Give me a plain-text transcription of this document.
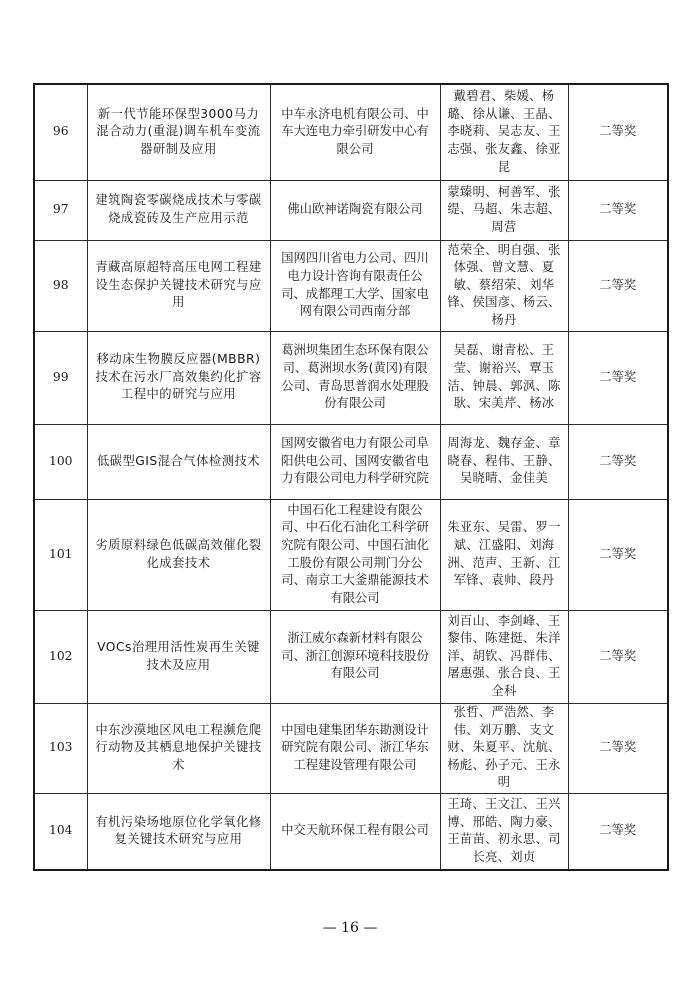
96	新一代节能环保型3000马力混合动力(重混)调车机车变流器研制及应用	中车永济电机有限公司、中车大连电力牵引研发中心有限公司	戴碧君、柴媛、杨璐、徐从谦、王晶、李晓莉、吴志友、王志强、张友鑫、徐亚昆	二等奖
97	建筑陶瓷零碳烧成技术与零碳烧成瓷砖及生产应用示范	佛山欧神诺陶瓷有限公司	蒙臻明、柯善军、张缇、马超、朱志超、周营	二等奖
98	青藏高原超特高压电网工程建设生态保护关键技术研究与应用	国网四川省电力公司、四川电力设计咨询有限责任公司、成都理工大学、国家电网有限公司西南分部	范荣全、明自强、张体强、曾文慧、夏敏、蔡绍荣、刘华锋、侯国彦、杨云、杨丹	二等奖
99	移动床生物膜反应器(MBBR)技术在污水厂高效集约化扩容工程中的研究与应用	葛洲坝集团生态环保有限公司、葛洲坝水务(黄冈)有限公司、青岛思普润水处理股份有限公司	吴磊、谢青松、王莹、谢裕兴、覃玉洁、钟晨、郭沨、陈耿、宋美芹、杨冰	二等奖
100	低碳型GIS混合气体检测技术	国网安徽省电力有限公司阜阳供电公司、国网安徽省电力有限公司电力科学研究院	周海龙、魏存金、章晓春、程伟、王静、吴晓晴、金佳美	二等奖
101	劣质原料绿色低碳高效催化裂化成套技术	中国石化工程建设有限公司、中石化石油化工科学研究院有限公司、中国石油化工股份有限公司荆门分公司、南京工大釜鼎能源技术有限公司	朱亚东、吴雷、罗一斌、江盛阳、刘海洲、范声、王新、江军锋、袁帅、段丹	二等奖
102	VOCs治理用活性炭再生关键技术及应用	浙江威尔森新材料有限公司、浙江创源环境科技股份有限公司	刘百山、李剑峰、王黎伟、陈建挺、朱洋洋、胡钦、冯群伟、屠惠强、张合良、王全科	二等奖
103	中东沙漠地区风电工程濒危爬行动物及其栖息地保护关键技术	中国电建集团华东勘测设计研究院有限公司、浙江华东工程建设管理有限公司	张哲、严浩然、李伟、刘万鹏、支文财、朱夏平、沈航、杨彪、孙子元、王永明	二等奖
104	有机污染场地原位化学氧化修复关键技术研究与应用	中交天航环保工程有限公司	王琦、王文江、王兴博、邢皓、陶力豪、王苗苗、初永思、司长亮、刘贞	二等奖
— 16 —
